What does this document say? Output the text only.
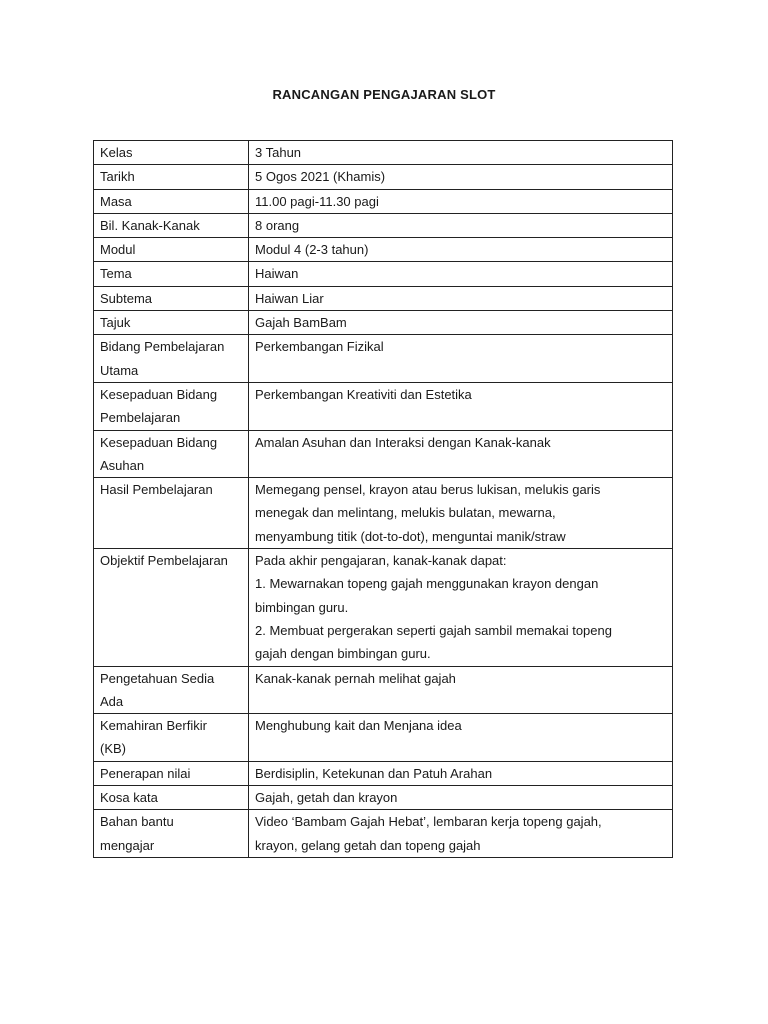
RANCANGAN PENGAJARAN SLOT
Kelas	3 Tahun

Tarikh	5 Ogos 2021 (Khamis)

Masa	11.00 pagi-11.30 pagi

Bil. Kanak-Kanak	8 orang

Modul	Modul 4 (2-3 tahun)

Tema	Haiwan

Subtema	Haiwan Liar

Tajuk	Gajah BamBam

Bidang Pembelajaran
Utama	Perkembangan Fizikal

Kesepaduan Bidang
Pembelajaran	Perkembangan Kreativiti dan Estetika

Kesepaduan Bidang
Asuhan	Amalan Asuhan dan Interaksi dengan Kanak-kanak

Hasil Pembelajaran	Memegang pensel, krayon atau berus lukisan, melukis garis
menegak dan melintang, melukis bulatan, mewarna,
menyambung titik (dot-to-dot), menguntai manik/straw

Objektif Pembelajaran	Pada akhir pengajaran, kanak-kanak dapat:
1. Mewarnakan topeng gajah menggunakan krayon dengan
bimbingan guru.
2. Membuat pergerakan seperti gajah sambil memakai topeng
gajah dengan bimbingan guru.

Pengetahuan Sedia
Ada	Kanak-kanak pernah melihat gajah

Kemahiran Berfikir
(KB)	Menghubung kait dan Menjana idea

Penerapan nilai	Berdisiplin, Ketekunan dan Patuh Arahan

Kosa kata	Gajah, getah dan krayon

Bahan bantu
mengajar	Video ‘Bambam Gajah Hebat’, lembaran kerja topeng gajah,
krayon, gelang getah dan topeng gajah
